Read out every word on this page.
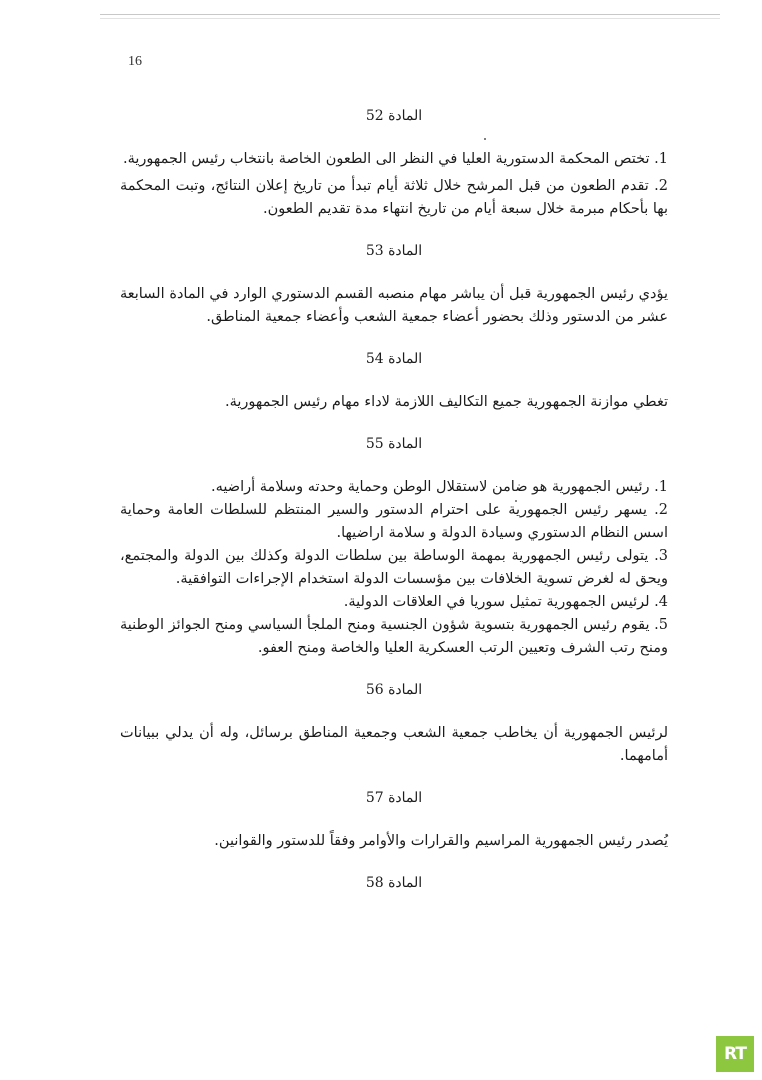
16
المادة 52
1. تختص المحكمة الدستورية العليا في النظر الى الطعون الخاصة بانتخاب رئيس الجمهورية.
2. تقدم الطعون من قبل المرشح خلال ثلاثة أيام تبدأ من تاريخ إعلان النتائج، وتبت المحكمة بها بأحكام مبرمة خلال سبعة أيام من تاريخ انتهاء مدة تقديم الطعون.
المادة 53

يؤدي رئيس الجمهورية قبل أن يباشر مهام منصبه القسم الدستوري الوارد في المادة السابعة عشر من الدستور وذلك بحضور أعضاء جمعية الشعب وأعضاء جمعية المناطق.

المادة 54

تغطي موازنة الجمهورية جميع التكاليف اللازمة لاداء مهام رئيس الجمهورية.

المادة 55
1. رئيس الجمهورية هو ضامن لاستقلال الوطن وحماية وحدته وسلامة أراضيه.
2. يسهر رئيس الجمهورية على احترام الدستور والسير المنتظم للسلطات العامة وحماية اسس النظام الدستوري وسيادة الدولة و سلامة اراضيها.
3. يتولى رئيس الجمهورية بمهمة الوساطة بين سلطات الدولة وكذلك بين الدولة والمجتمع، ويحق له لغرض تسوية الخلافات بين مؤسسات الدولة استخدام الإجراءات التوافقية.
4. لرئيس الجمهورية تمثيل سوريا في العلاقات الدولية.
5. يقوم رئيس الجمهورية بتسوية شؤون الجنسية ومنح الملجأ السياسي ومنح الجوائز الوطنية ومنح رتب الشرف وتعيين الرتب العسكرية العليا والخاصة ومنح العفو.
المادة 56

لرئيس الجمهورية أن يخاطب جمعية الشعب وجمعية المناطق برسائل، وله أن يدلي ببيانات أمامهما.

المادة 57

يُصدر رئيس الجمهورية المراسيم والقرارات والأوامر وفقاً للدستور والقوانين.

المادة 58
RT
